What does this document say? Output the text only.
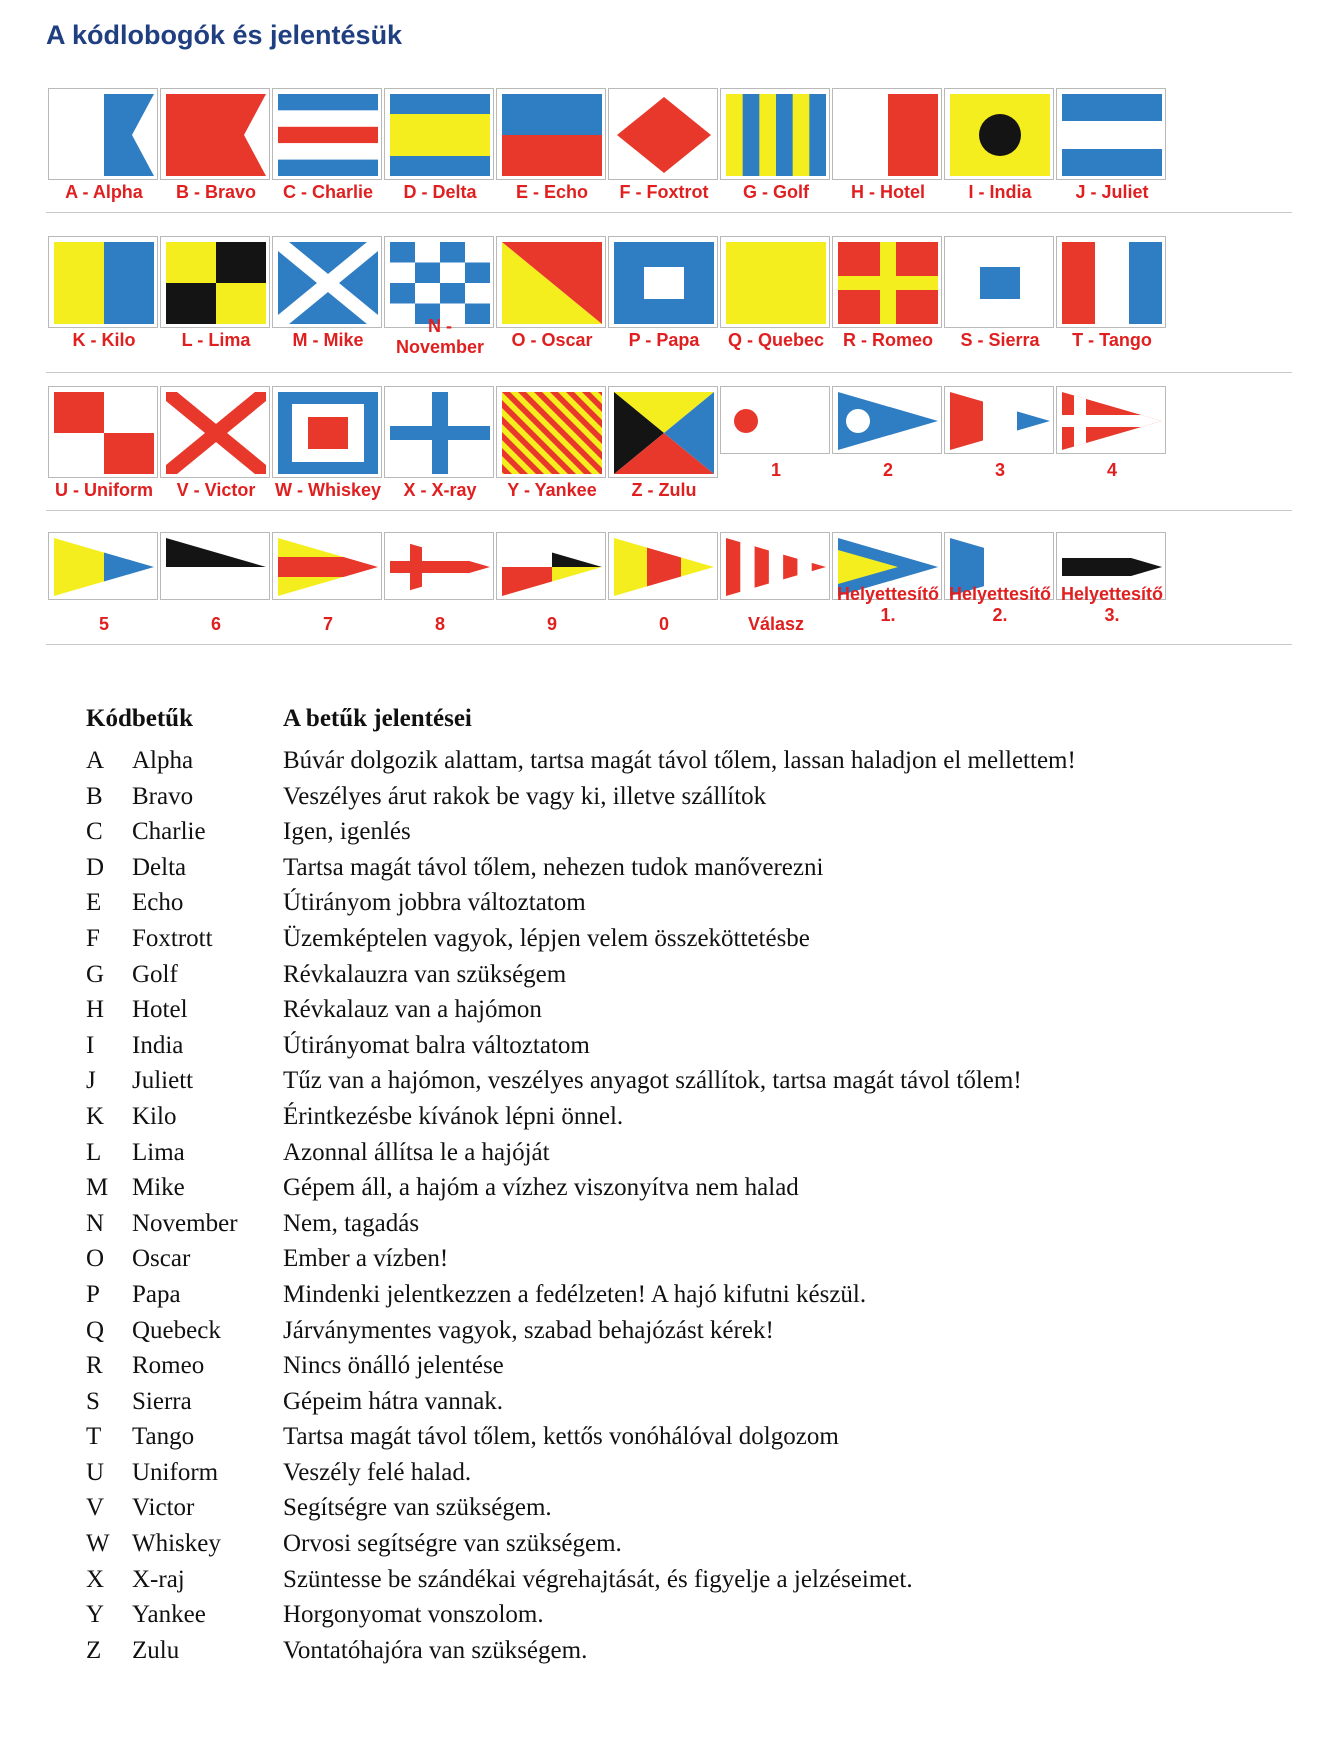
A kódlobogók és jelentésük
A - Alpha	B - Bravo	C - Charlie	D - Delta	E - Echo	F - Foxtrot	G - Golf	H - Hotel	I - India	J - Juliet
K - Kilo	L - Lima	M - Mike
N -
November	O - Oscar	P - Papa	Q - Quebec	R - Romeo	S - Sierra	T - Tango
U - Uniform	V - Victor	W - Whiskey	X - X-ray	Y - Yankee	Z - Zulu
1	2	3	4
5	6	7	8	9	0	Válasz
Helyettesítő
1.
Helyettesítő
2.
Helyettesítő
3.
Kódbetűk	A betűk jelentései
A	Alpha	Búvár dolgozik alattam, tartsa magát távol tőlem, lassan haladjon el mellettem!
B	Bravo	Veszélyes árut rakok be vagy ki, illetve szállítok
C	Charlie	Igen, igenlés
D	Delta	Tartsa magát távol tőlem, nehezen tudok manőverezni
E	Echo	Útirányom jobbra változtatom
F	Foxtrott	Üzemképtelen vagyok, lépjen velem összeköttetésbe
G	Golf	Révkalauzra van szükségem
H	Hotel	Révkalauz van a hajómon
I	India	Útirányomat balra változtatom
J	Juliett	Tűz van a hajómon, veszélyes anyagot szállítok, tartsa magát távol tőlem!
K	Kilo	Érintkezésbe kívánok lépni önnel.
L	Lima	Azonnal állítsa le a hajóját
M Mike	Gépem áll, a hajóm a vízhez viszonyítva nem halad
N	November	Nem, tagadás
O	Oscar	Ember a vízben!
P	Papa	Mindenki jelentkezzen a fedélzeten! A hajó kifutni készül.
Q	Quebeck	Járványmentes vagyok, szabad behajózást kérek!
R	Romeo	Nincs önálló jelentése
S	Sierra	Gépeim hátra vannak.
T	Tango	Tartsa magát távol tőlem, kettős vonóhálóval dolgozom
U	Uniform	Veszély felé halad.
V	Victor	Segítségre van szükségem.
W Whiskey	Orvosi segítségre van szükségem.
X	X-raj	Szüntesse be szándékai végrehajtását, és figyelje a jelzéseimet.
Y	Yankee	Horgonyomat vonszolom.
Z	Zulu	Vontatóhajóra van szükségem.
